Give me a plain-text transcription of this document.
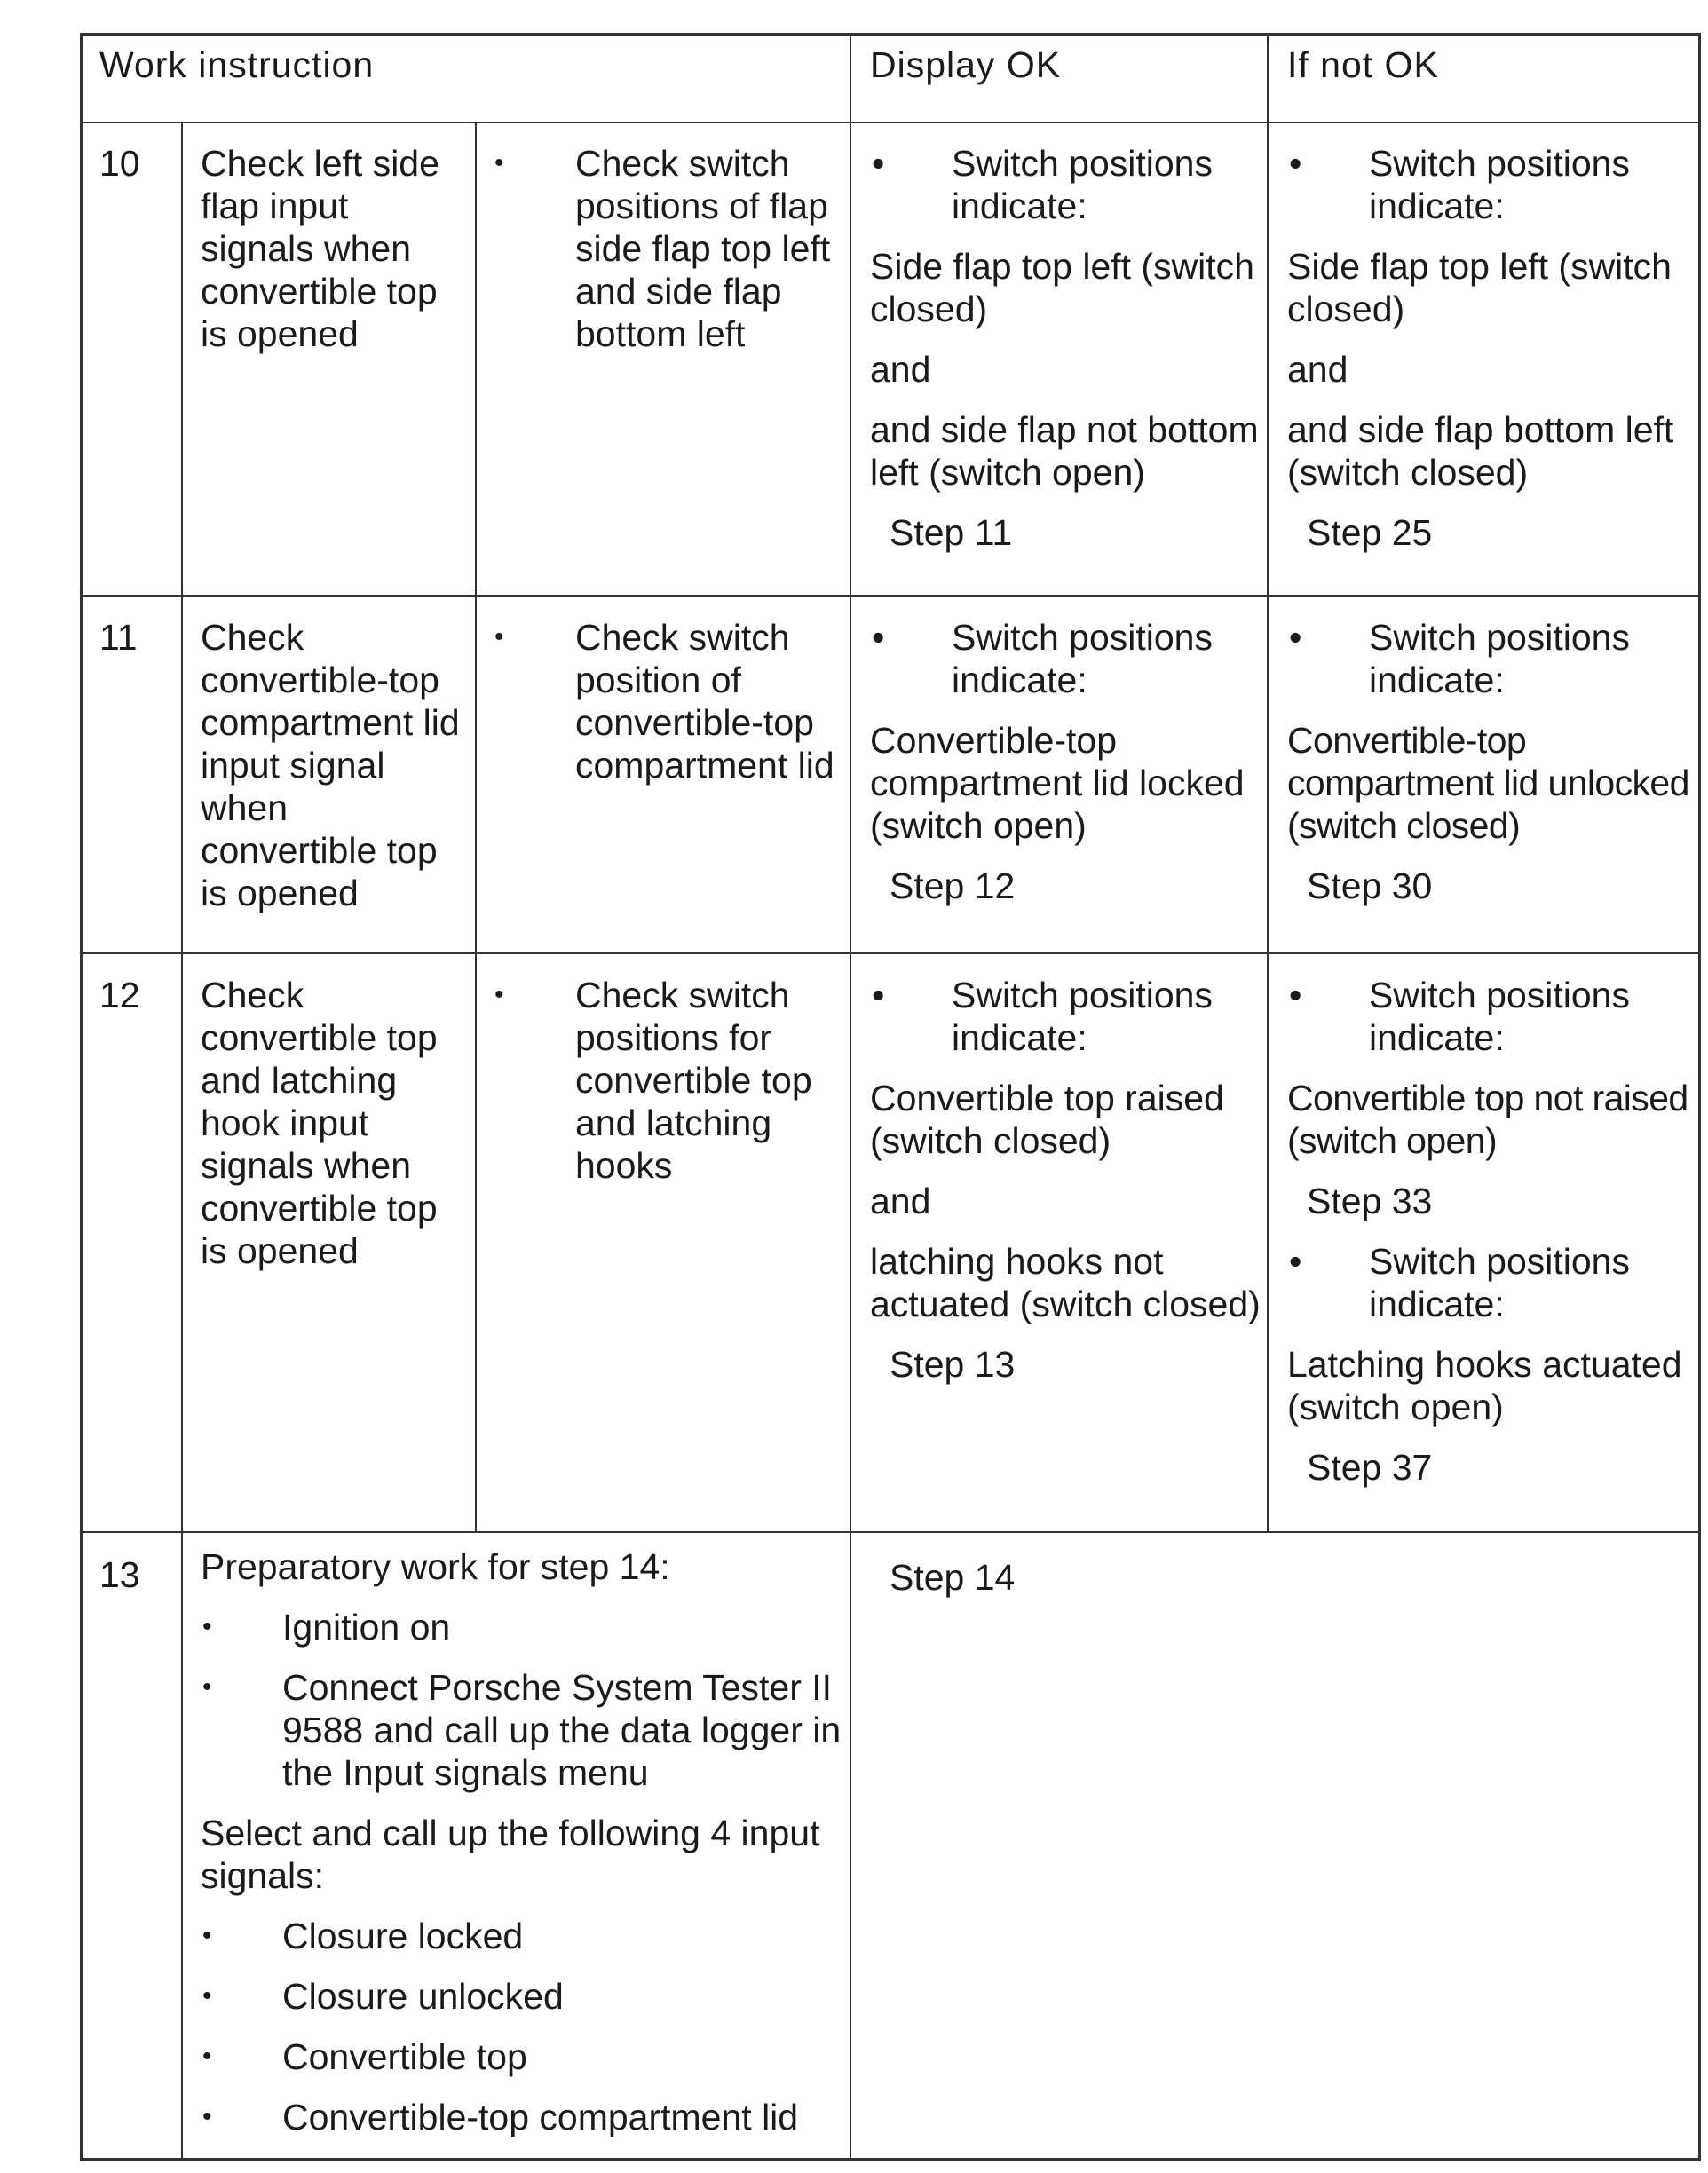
Work instruction	Display OK	If not OK
10 Check left side flap input signals when convertible top is opened
• Check switch positions of flap side flap top left and side flap bottom left
• Switch positions indicate:
Side flap top left (switch closed)
and
and side flap not bottom left (switch open)
Step 11
• Switch positions indicate:
Side flap top left (switch closed)
and
and side flap bottom left (switch closed)
Step 25
11 Check convertible-top compartment lid input signal when convertible top is opened
• Check switch position of convertible-top compartment lid
• Switch positions indicate:
Convertible-top compartment lid locked (switch open)
Step 12
• Switch positions indicate:
Convertible-top compartment lid unlocked (switch closed)
Step 30
12 Check convertible top and latching hook input signals when convertible top is opened
• Check switch positions for convertible top and latching hooks
• Switch positions indicate:
Convertible top raised (switch closed)
and
latching hooks not actuated (switch closed)
Step 13
• Switch positions indicate:
Convertible top not raised (switch open)
Step 33
• Switch positions indicate:
Latching hooks actuated (switch open)
Step 37
13 Preparatory work for step 14:
• Ignition on
• Connect Porsche System Tester II 9588 and call up the data logger in the Input signals menu
Select and call up the following 4 input signals:
• Closure locked
• Closure unlocked
• Convertible top
• Convertible-top compartment lid
Step 14
